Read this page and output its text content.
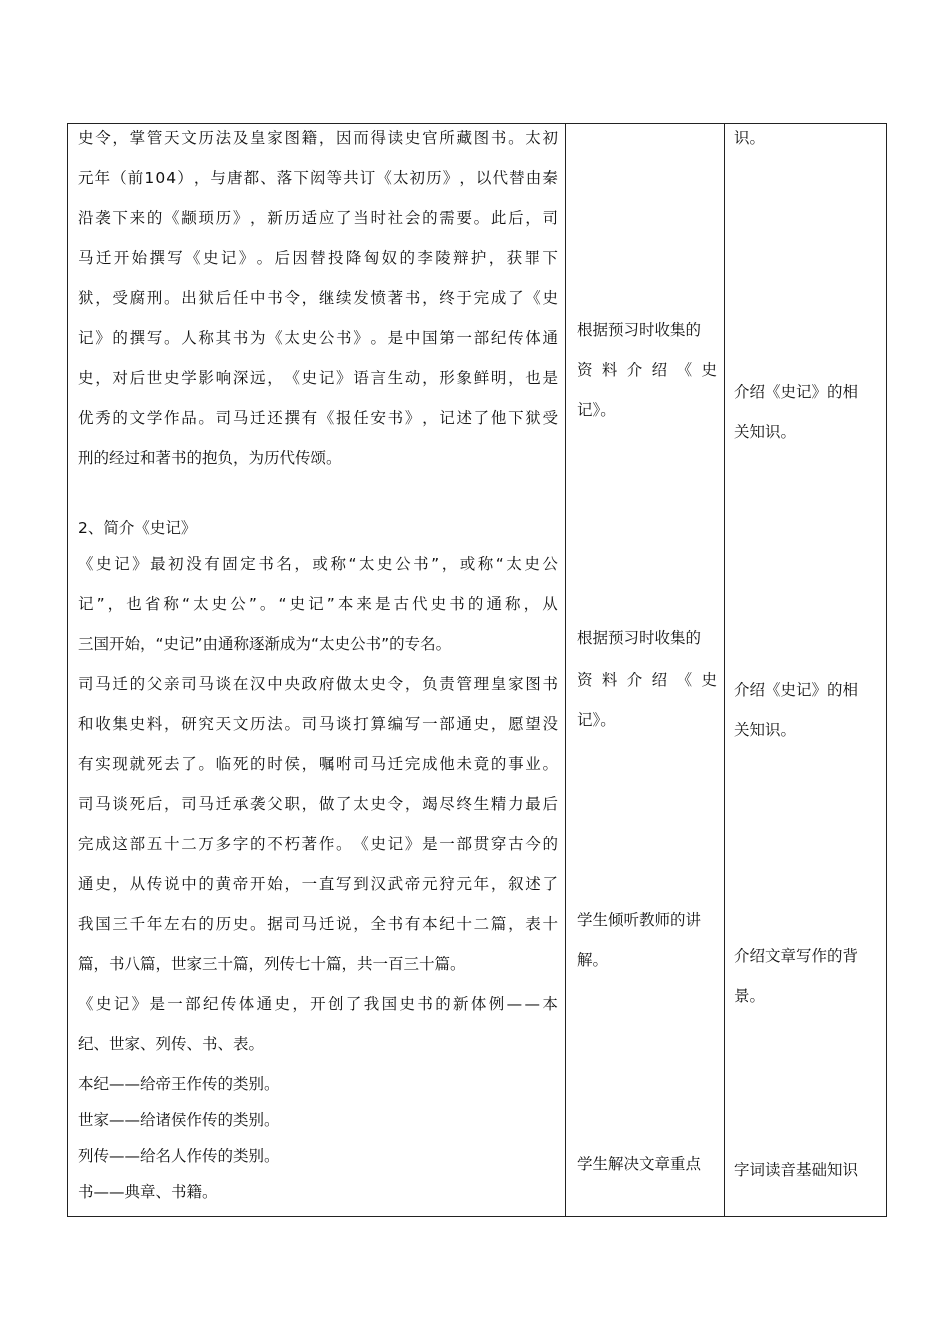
史 令 ， 掌 管 天 文 历 法 及 皇 家 图 籍 ， 因 而 得 读 史 官 所 藏 图 书 。 太 初
元 年 （ 前 1 0 4 ） ， 与 唐 都 、 落 下 闳 等 共 订 《 太 初 历 》 ， 以 代 替 由 秦
沿 袭 下 来 的 《 颛 顼 历 》 ， 新 历 适 应 了 当 时 社 会 的 需 要 。 此 后 ， 司
马 迁 开 始 撰 写 《 史 记 》 。 后 因 替 投 降 匈 奴 的 李 陵 辩 护 ， 获 罪 下
狱 ， 受 腐 刑 。 出 狱 后 任 中 书 令 ， 继 续 发 愤 著 书 ， 终 于 完 成 了 《 史
记 》 的 撰 写 。 人 称 其 书 为 《 太 史 公 书 》 。 是 中 国 第 一 部 纪 传 体 通
史 ， 对 后 世 史 学 影 响 深 远 ， 《 史 记 》 语 言 生 动 ， 形 象 鲜 明 ， 也 是
优 秀 的 文 学 作 品 。 司 马 迁 还 撰 有 《 报 任 安 书 》 ， 记 述 了 他 下 狱 受
刑的经过和著书的抱负，为历代传颂。
2、简介《史记》
《 史 记 》 最 初 没 有 固 定 书 名 ， 或 称 “ 太 史 公 书 ” ， 或 称 “ 太 史 公
记 ” ， 也 省 称 “ 太 史 公 ” 。 “ 史 记 ” 本 来 是 古 代 史 书 的 通 称 ， 从
三国开始，“史记”由通称逐渐成为“太史公书”的专名。
司 马 迁 的 父 亲 司 马 谈 在 汉 中 央 政 府 做 太 史 令 ， 负 责 管 理 皇 家 图 书
和 收 集 史 料 ， 研 究 天 文 历 法 。 司 马 谈 打 算 编 写 一 部 通 史 ， 愿 望 没
有 实 现 就 死 去 了 。 临 死 的 时 侯 ， 嘱 咐 司 马 迁 完 成 他 未 竟 的 事 业 。
司 马 谈 死 后 ， 司 马 迁 承 袭 父 职 ， 做 了 太 史 令 ， 竭 尽 终 生 精 力 最 后
完 成 这 部 五 十 二 万 多 字 的 不 朽 著 作 。 《 史 记 》 是 一 部 贯 穿 古 今 的
通 史 ， 从 传 说 中 的 黄 帝 开 始 ， 一 直 写 到 汉 武 帝 元 狩 元 年 ， 叙 述 了
我 国 三 千 年 左 右 的 历 史 。 据 司 马 迁 说 ， 全 书 有 本 纪 十 二 篇 ， 表 十
篇，书八篇，世家三十篇，列传七十篇，共一百三十篇。
《 史 记 》 是 一 部 纪 传 体 通 史 ， 开 创 了 我 国 史 书 的 新 体 例 — — 本
纪、世家、列传、书、表。
本纪——给帝王作传的类别。
世家——给诸侯作传的类别。
列传——给名人作传的类别。
书——典章、书籍。
根据预习时收集的
资 料 介 绍 《 史
记》。
根据预习时收集的
资 料 介 绍 《 史
记》。
学生倾听教师的讲
解。
学生解决文章重点
识。
介绍《史记》的相
关知识。
介绍《史记》的相
关知识。
介绍文章写作的背
景。
字词读音基础知识
